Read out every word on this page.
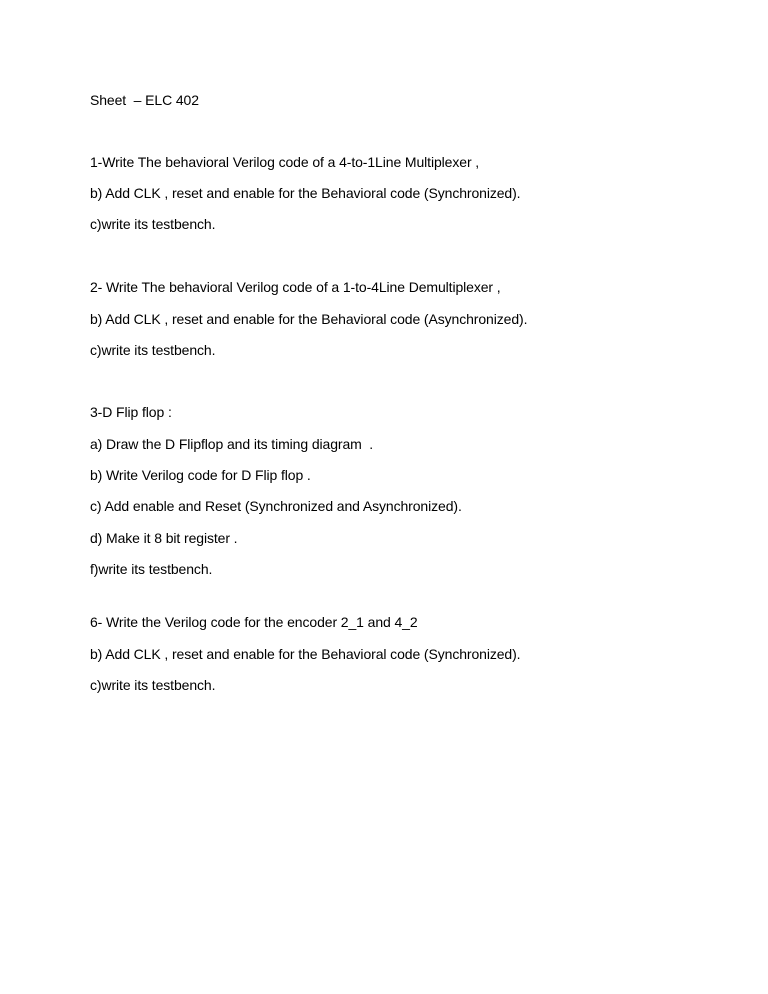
Sheet  – ELC 402
1-Write The behavioral Verilog code of a 4-to-1Line Multiplexer ,
b) Add CLK , reset and enable for the Behavioral code (Synchronized).
c)write its testbench.
2- Write The behavioral Verilog code of a 1-to-4Line Demultiplexer ,
b) Add CLK , reset and enable for the Behavioral code (Asynchronized).
c)write its testbench.
3-D Flip flop :
a) Draw the D Flipflop and its timing diagram  .
b) Write Verilog code for D Flip flop .
c) Add enable and Reset (Synchronized and Asynchronized).
d) Make it 8 bit register .
f)write its testbench.
6- Write the Verilog code for the encoder 2_1 and 4_2
b) Add CLK , reset and enable for the Behavioral code (Synchronized).
c)write its testbench.
